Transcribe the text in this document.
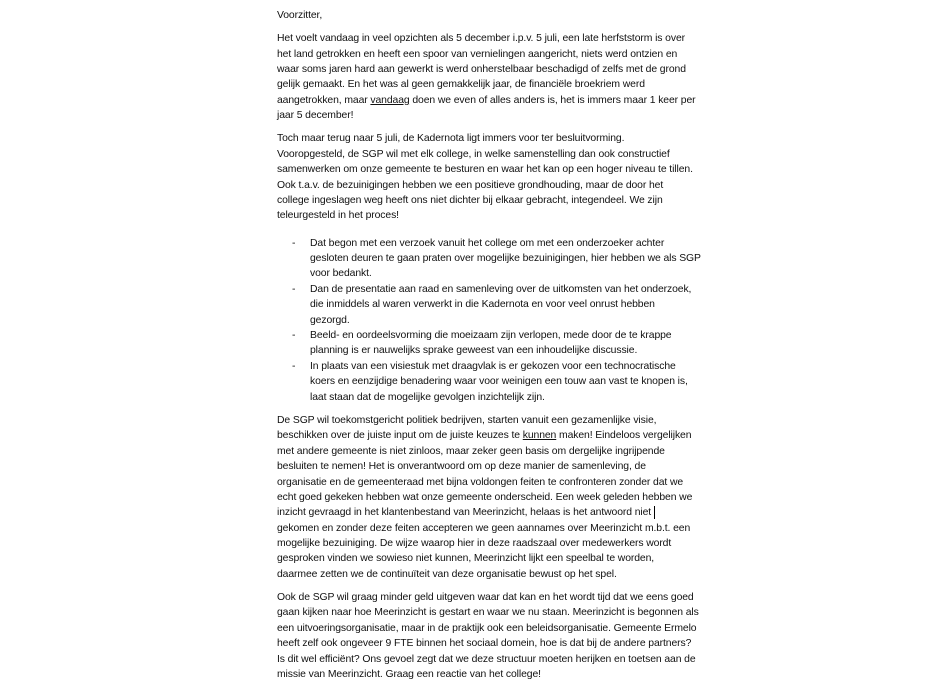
Voorzitter,
Het voelt vandaag in veel opzichten als 5 december i.p.v. 5 juli, een late herfststorm is over
het land getrokken en heeft een spoor van vernielingen aangericht, niets werd ontzien en
waar soms jaren hard aan gewerkt is werd onherstelbaar beschadigd of zelfs met de grond
gelijk gemaakt. En het was al geen gemakkelijk jaar, de financiële broekriem werd
aangetrokken, maar vandaag doen we even of alles anders is, het is immers maar 1 keer per
jaar 5 december!
Toch maar terug naar 5 juli, de Kadernota ligt immers voor ter besluitvorming.
Vooropgesteld, de SGP wil met elk college, in welke samenstelling dan ook constructief
samenwerken om onze gemeente te besturen en waar het kan op een hoger niveau te tillen.
Ook t.a.v. de bezuinigingen hebben we een positieve grondhouding, maar de door het
college ingeslagen weg heeft ons niet dichter bij elkaar gebracht, integendeel. We zijn
teleurgesteld in het proces!
-	Dat begon met een verzoek vanuit het college om met een onderzoeker achter
gesloten deuren te gaan praten over mogelijke bezuinigingen, hier hebben we als SGP
voor bedankt.
-	Dan de presentatie aan raad en samenleving over de uitkomsten van het onderzoek,
die inmiddels al waren verwerkt in die Kadernota en voor veel onrust hebben
gezorgd.
-	Beeld- en oordeelsvorming die moeizaam zijn verlopen, mede door de te krappe
planning is er nauwelijks sprake geweest van een inhoudelijke discussie.
-	In plaats van een visiestuk met draagvlak is er gekozen voor een technocratische
koers en eenzijdige benadering waar voor weinigen een touw aan vast te knopen is,
laat staan dat de mogelijke gevolgen inzichtelijk zijn.
De SGP wil toekomstgericht politiek bedrijven, starten vanuit een gezamenlijke visie,
beschikken over de juiste input om de juiste keuzes te kunnen maken! Eindeloos vergelijken
met andere gemeente is niet zinloos, maar zeker geen basis om dergelijke ingrijpende
besluiten te nemen! Het is onverantwoord om op deze manier de samenleving, de
organisatie en de gemeenteraad met bijna voldongen feiten te confronteren zonder dat we
echt goed gekeken hebben wat onze gemeente onderscheid. Een week geleden hebben we
inzicht gevraagd in het klantenbestand van Meerinzicht, helaas is het antwoord niet
gekomen en zonder deze feiten accepteren we geen aannames over Meerinzicht m.b.t. een
mogelijke bezuiniging. De wijze waarop hier in deze raadszaal over medewerkers wordt
gesproken vinden we sowieso niet kunnen, Meerinzicht lijkt een speelbal te worden,
daarmee zetten we de continuïteit van deze organisatie bewust op het spel.
Ook de SGP wil graag minder geld uitgeven waar dat kan en het wordt tijd dat we eens goed
gaan kijken naar hoe Meerinzicht is gestart en waar we nu staan. Meerinzicht is begonnen als
een uitvoeringsorganisatie, maar in de praktijk ook een beleidsorganisatie. Gemeente Ermelo
heeft zelf ook ongeveer 9 FTE binnen het sociaal domein, hoe is dat bij de andere partners?
Is dit wel efficiënt? Ons gevoel zegt dat we deze structuur moeten herijken en toetsen aan de
missie van Meerinzicht. Graag een reactie van het college!
